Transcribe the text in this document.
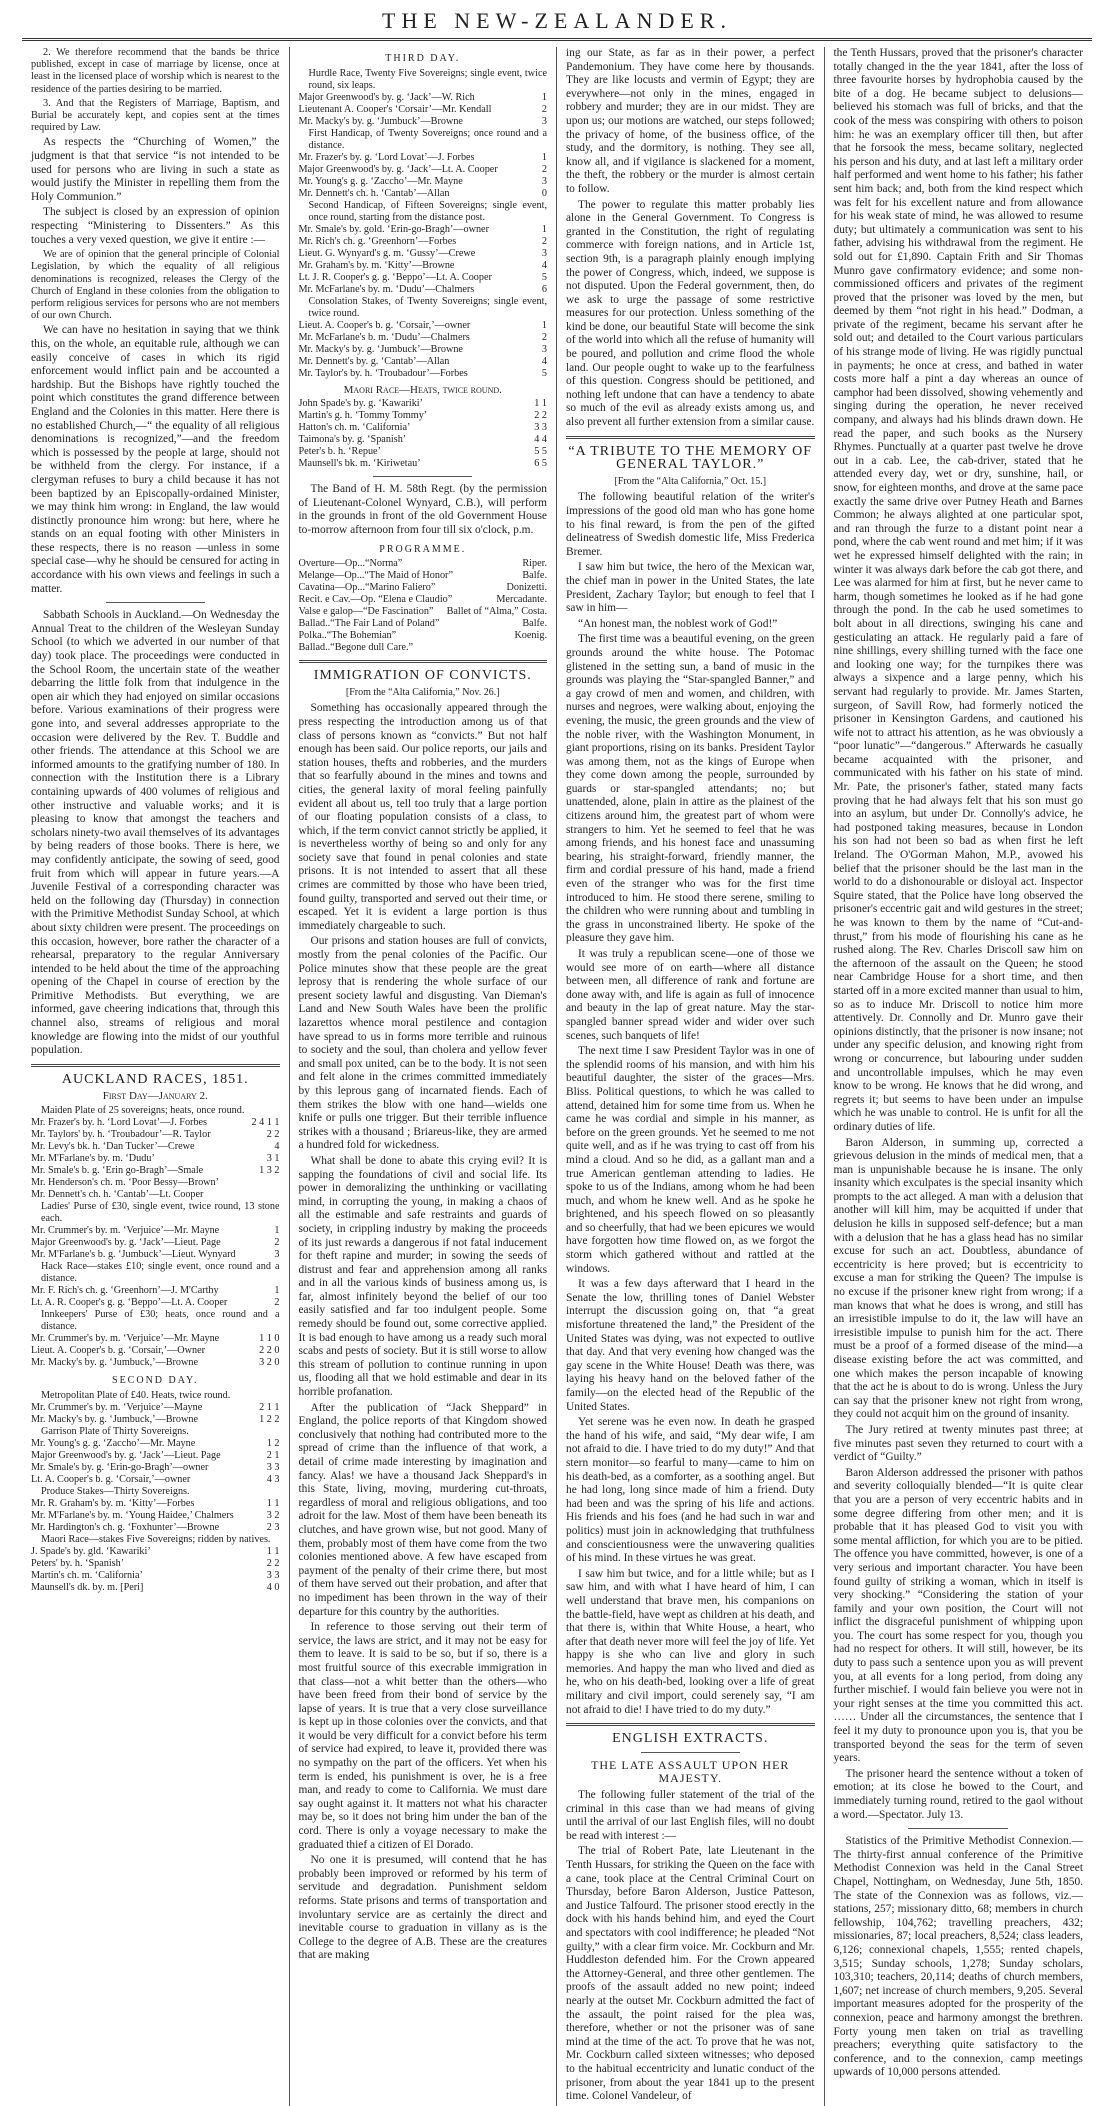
THE NEW-ZEALANDER.

2. We therefore recommend that the bands be thrice published, except in case of marriage by license, once at least in the licensed place of worship which is nearest to the residence of the parties desiring to be married.

3. And that the Registers of Marriage, Baptism, and Burial be accurately kept, and copies sent at the times required by Law.

As respects the “Churching of Women,” the judgment is that that service “is not intended to be used for persons who are living in such a state as would justify the Minister in repelling them from the Holy Communion.”

The subject is closed by an expression of opinion respecting “Ministering to Dissenters.” As this touches a very vexed question, we give it entire :—

We are of opinion that the general principle of Colonial Legislation, by which the equality of all religious denominations is recognized, releases the Clergy of the Church of England in these colonies from the obligation to perform religious services for persons who are not members of our own Church.

We can have no hesitation in saying that we think this, on the whole, an equitable rule, although we can easily conceive of cases in which its rigid enforcement would inflict pain and be accounted a hardship. But the Bishops have rightly touched the point which constitutes the grand difference between England and the Colonies in this matter. Here there is no established Church,—“ the equality of all religious denominations is recognized,”—and the freedom which is possessed by the people at large, should not be withheld from the clergy. For instance, if a clergyman refuses to bury a child because it has not been baptized by an Episcopally-ordained Minister, we may think him wrong: in England, the law would distinctly pronounce him wrong: but here, where he stands on an equal footing with other Ministers in these respects, there is no reason —unless in some special case—why he should be censured for acting in accordance with his own views and feelings in such a matter.

Sabbath Schools in Auckland.—On Wednesday the Annual Treat to the children of the Wesleyan Sunday School (to which we adverted in our number of that day) took place. The proceedings were conducted in the School Room, the uncertain state of the weather debarring the little folk from that indulgence in the open air which they had enjoyed on similar occasions before. Various examinations of their progress were gone into, and several addresses appropriate to the occasion were delivered by the Rev. T. Buddle and other friends. The attendance at this School we are informed amounts to the gratifying number of 180. In connection with the Institution there is a Library containing upwards of 400 volumes of religious and other instructive and valuable works; and it is pleasing to know that amongst the teachers and scholars ninety-two avail themselves of its advantages by being readers of those books. There is here, we may confidently anticipate, the sowing of seed, good fruit from which will appear in future years.—A Juvenile Festival of a corresponding character was held on the following day (Thursday) in connection with the Primitive Methodist Sunday School, at which about sixty children were present. The proceedings on this occasion, however, bore rather the character of a rehearsal, preparatory to the regular Anniversary intended to be held about the time of the approaching opening of the Chapel in course of erection by the Primitive Methodists. But everything, we are informed, gave cheering indications that, through this channel also, streams of religious and moral knowledge are flowing into the midst of our youthful population.

AUCKLAND RACES, 1851.
First Day—January 2.
Maiden Plate of 25 sovereigns; heats, once round.
Mr. Frazer's by. h. ‘Lord Lovat’—J. Forbes	2 4 1 1
Mr. Taylors' by. h. ‘Troubadour’—R. Taylor	2 2
Mr. Levy's bk. h. ‘Dan Tucker’—Crewe	4
Mr. M'Farlane's by. m. ‘Dudu’	3 1
Mr. Smale's b. g. ‘Erin go-Bragh’—Smale	1 3 2
Mr. Henderson's ch. m. ‘Poor Bessy—Brown’
Mr. Dennett's ch. h. ‘Cantab’—Lt. Cooper
Ladies' Purse of £30, single event, twice round, 13 stone each.
Mr. Crummer's by. m. ‘Verjuice’—Mr. Mayne	1
Major Greenwood's by. g. ‘Jack’—Lieut. Page	2
Mr. M'Farlane's b. g. ‘Jumbuck’—Lieut. Wynyard	3
Hack Race—stakes £10; single event, once round and a distance.
Mr. F. Rich's ch. g. ‘Greenhorn’—J. M'Carthy	1
Lt. A. R. Cooper's g. g. ‘Beppo’—Lt. A. Cooper	2
Innkeepers' Purse of £30; heats, once round and a distance.
Mr. Crummer's by. m. ‘Verjuice’—Mr. Mayne	1 1 0
Lieut. A. Cooper's b. g. ‘Corsair,’—Owner	2 2 0
Mr. Macky's by. g. ‘Jumbuck,’—Browne	3 2 0
SECOND DAY.
Metropolitan Plate of £40. Heats, twice round.
Mr. Crummer's by. m. ‘Verjuice’—Mayne	2 1 1
Mr. Macky's by. g. ‘Jumbuck,’—Browne	1 2 2
Garrison Plate of Thirty Sovereigns.
Mr. Young's g. g. ‘Zaccho’—Mr. Mayne	1 2
Major Greenwood's by. g. ‘Jack’—Lieut. Page	2 1
Mr. Smale's by. g. ‘Erin-go-Bragh’—owner	3 3
Lt. A. Cooper's b. g. ‘Corsair,’—owner	4 3
Produce Stakes—Thirty Sovereigns.
Mr. R. Graham's by. m. ‘Kitty’—Forbes	1 1
Mr. M'Farlane's by. m. ‘Young Haidee,’ Chalmers	3 2
Mr. Hardington's ch. g. ‘Foxhunter’—Browne	2 3
Maori Race—stakes Five Sovereigns; ridden by natives.
J. Spade's by. gld. ‘Kawariki’	1 1
Peters' by. h. ‘Spanish’	2 2
Martin's ch. m. ‘California’	3 3
Maunsell's dk. by. m. [Peri]	4 0
THIRD DAY.
Hurdle Race, Twenty Five Sovereigns; single event, twice round, six leaps.
Major Greenwood's by. g. ‘Jack’—W. Rich	1
Lieutenant A. Cooper's ‘Corsair’—Mr. Kendall	2
Mr. Macky's by. g. ‘Jumbuck’—Browne	3
First Handicap, of Twenty Sovereigns; once round and a distance.
Mr. Frazer's by. g. ‘Lord Lovat’—J. Forbes	1
Major Greenwood's by. g. ‘Jack’—Lt. A. Cooper	2
Mr. Young's g. g. ‘Zaccho’—Mr. Mayne	3
Mr. Dennett's ch. h. ‘Cantab’—Allan	0
Second Handicap, of Fifteen Sovereigns; single event, once round, starting from the distance post.
Mr. Smale's by. gold. ‘Erin-go-Bragh’—owner	1
Mr. Rich's ch. g. ‘Greenhorn’—Forbes	2
Lieut. G. Wynyard's g. m. ‘Gussy’—Crewe	3
Mr. Graham's by. m. ‘Kitty’—Browne	4
Lt. J. R. Cooper's g. g. ‘Beppo’—Lt. A. Cooper	5
Mr. McFarlane's by. m. ‘Dudu’—Chalmers	6
Consolation Stakes, of Twenty Sovereigns; single event, twice round.
Lieut. A. Cooper's b. g. ‘Corsair,’—owner	1
Mr. McFarlane's b. m. ‘Dudu’—Chalmers	2
Mr. Macky's by. g. ‘Jumbuck’—Browne	3
Mr. Dennett's by. g. ‘Cantab’—Allan	4
Mr. Taylor's by. h. ‘Troubadour’—Forbes	5
Maori Race—Heats, twice round.
John Spade's by. g. ‘Kawariki’	1 1
Martin's g. h. ‘Tommy Tommy’	2 2
Hatton's ch. m. ‘California’	3 3
Taimona's by. g. ‘Spanish’	4 4
Peter's b. h. ‘Repue’	5 5
Maunsell's bk. m. ‘Kiriwetau’	6 5

The Band of H. M. 58th Regt. (by the permission of Lieutenant-Colonel Wynyard, C.B.), will perform in the grounds in front of the old Government House to-morrow afternoon from four till six o'clock, p.m.

PROGRAMME.
Overture—Op...“Norma”	Riper.
Melange—Op...“The Maid of Honor”	Balfe.
Cavatina—Op...“Marino Faliero”	Donizetti.
Recit. e Cav.—Op. “Elena e Claudio”	Mercadante.
Valse e galop—“De Fascination” Ballet of “Alma,” Costa.
Ballad..“The Fair Land of Poland”	Balfe.
Polka..“The Bohemian”	Koenig.
Ballad..“Begone dull Care.”
IMMIGRATION OF CONVICTS.
[From the “Alta California,” Nov. 26.]

Something has occasionally appeared through the press respecting the introduction among us of that class of persons known as “convicts.” But not half enough has been said. Our police reports, our jails and station houses, thefts and robberies, and the murders that so fearfully abound in the mines and towns and cities, the general laxity of moral feeling painfully evident all about us, tell too truly that a large portion of our floating population consists of a class, to which, if the term convict cannot strictly be applied, it is nevertheless worthy of being so and only for any society save that found in penal colonies and state prisons. It is not intended to assert that all these crimes are committed by those who have been tried, found guilty, transported and served out their time, or escaped. Yet it is evident a large portion is thus immediately chargeable to such.

Our prisons and station houses are full of convicts, mostly from the penal colonies of the Pacific. Our Police minutes show that these people are the great leprosy that is rendering the whole surface of our present society lawful and disgusting. Van Dieman's Land and New South Wales have been the prolific lazarettos whence moral pestilence and contagion have spread to us in forms more terrible and ruinous to society and the soul, than cholera and yellow fever and small pox united, can be to the body. It is not seen and felt alone in the crimes committed immediately by this leprous gang of incarnated fiends. Each of them strikes the blow with one hand—wields one knife or pulls one trigger. But their terrible influence strikes with a thousand ; Briareus-like, they are armed a hundred fold for wickedness.

What shall be done to abate this crying evil? It is sapping the foundations of civil and social life. Its power in demoralizing the unthinking or vacillating mind, in corrupting the young, in making a chaos of all the estimable and safe restraints and guards of society, in crippling industry by making the proceeds of its just rewards a dangerous if not fatal inducement for theft rapine and murder; in sowing the seeds of distrust and fear and apprehension among all ranks and in all the various kinds of business among us, is far, almost infinitely beyond the belief of our too easily satisfied and far too indulgent people. Some remedy should be found out, some corrective applied. It is bad enough to have among us a ready such moral scabs and pests of society. But it is still worse to allow this stream of pollution to continue running in upon us, flooding all that we hold estimable and dear in its horrible profanation.

After the publication of “Jack Sheppard” in England, the police reports of that Kingdom showed conclusively that nothing had contributed more to the spread of crime than the influence of that work, a detail of crime made interesting by imagination and fancy. Alas! we have a thousand Jack Sheppard's in this State, living, moving, murdering cut-throats, regardless of moral and religious obligations, and too adroit for the law. Most of them have been beneath its clutches, and have grown wise, but not good. Many of them, probably most of them have come from the two colonies mentioned above. A few have escaped from payment of the penalty of their crime there, but most of them have served out their probation, and after that no impediment has been thrown in the way of their departure for this country by the authorities.

In reference to those serving out their term of service, the laws are strict, and it may not be easy for them to leave. It is said to be so, but if so, there is a most fruitful source of this execrable immigration in that class—not a whit better than the others—who have been freed from their bond of service by the lapse of years. It is true that a very close surveillance is kept up in those colonies over the convicts, and that it would be very difficult for a convict before his term of service had expired, to leave it, provided there was no sympathy on the part of the officers. Yet when his term is ended, his punishment is over, he is a free man, and ready to come to California. We must dare say ought against it. It matters not what his character may be, so it does not bring him under the ban of the cord. There is only a voyage necessary to make the graduated thief a citizen of El Dorado.

No one it is presumed, will contend that he has probably been improved or reformed by his term of servitude and degradation. Punishment seldom reforms. State prisons and terms of transportation and involuntary service are as certainly the direct and inevitable course to graduation in villany as is the College to the degree of A.B. These are the creatures that are making

ing our State, as far as in their power, a perfect Pandemonium. They have come here by thousands. They are like locusts and vermin of Egypt; they are everywhere—not only in the mines, engaged in robbery and murder; they are in our midst. They are upon us; our motions are watched, our steps followed; the privacy of home, of the business office, of the study, and the dormitory, is nothing. They see all, know all, and if vigilance is slackened for a moment, the theft, the robbery or the murder is almost certain to follow.

The power to regulate this matter probably lies alone in the General Government. To Congress is granted in the Constitution, the right of regulating commerce with foreign nations, and in Article 1st, section 9th, is a paragraph plainly enough implying the power of Congress, which, indeed, we suppose is not disputed. Upon the Federal government, then, do we ask to urge the passage of some restrictive measures for our protection. Unless something of the kind be done, our beautiful State will become the sink of the world into which all the refuse of humanity will be poured, and pollution and crime flood the whole land. Our people ought to wake up to the fearfulness of this question. Congress should be petitioned, and nothing left undone that can have a tendency to abate so much of the evil as already exists among us, and also prevent all further extension from a similar cause.

“A TRIBUTE TO THE MEMORY OF GENERAL TAYLOR.”
[From the “Alta California,” Oct. 15.]

The following beautiful relation of the writer's impressions of the good old man who has gone home to his final reward, is from the pen of the gifted delineatress of Swedish domestic life, Miss Frederica Bremer.

I saw him but twice, the hero of the Mexican war, the chief man in power in the United States, the late President, Zachary Taylor; but enough to feel that I saw in him—

“An honest man, the noblest work of God!”

The first time was a beautiful evening, on the green grounds around the white house. The Potomac glistened in the setting sun, a band of music in the grounds was playing the “Star-spangled Banner,” and a gay crowd of men and women, and children, with nurses and negroes, were walking about, enjoying the evening, the music, the green grounds and the view of the noble river, with the Washington Monument, in giant proportions, rising on its banks. President Taylor was among them, not as the kings of Europe when they come down among the people, surrounded by guards or star-spangled attendants; no; but unattended, alone, plain in attire as the plainest of the citizens around him, the greatest part of whom were strangers to him. Yet he seemed to feel that he was among friends, and his honest face and unassuming bearing, his straight-forward, friendly manner, the firm and cordial pressure of his hand, made a friend even of the stranger who was for the first time introduced to him. He stood there serene, smiling to the children who were running about and tumbling in the grass in unconstrained liberty. He spoke of the pleasure they gave him.

It was truly a republican scene—one of those we would see more of on earth—where all distance between men, all difference of rank and fortune are done away with, and life is again as full of innocence and beauty in the lap of great nature. May the star-spangled banner spread wider and wider over such scenes, such banquets of life!

The next time I saw President Taylor was in one of the splendid rooms of his mansion, and with him his beautiful daughter, the sister of the graces—Mrs. Bliss. Political questions, to which he was called to attend, detained him for some time from us. When he came he was cordial and simple in his manner, as before on the green grounds. Yet he seemed to me not quite well, and as if he was trying to cast off from his mind a cloud. And so he did, as a gallant man and a true American gentleman attending to ladies. He spoke to us of the Indians, among whom he had been much, and whom he knew well. And as he spoke he brightened, and his speech flowed on so pleasantly and so cheerfully, that had we been epicures we would have forgotten how time flowed on, as we forgot the storm which gathered without and rattled at the windows.

It was a few days afterward that I heard in the Senate the low, thrilling tones of Daniel Webster interrupt the discussion going on, that “a great misfortune threatened the land,” the President of the United States was dying, was not expected to outlive that day. And that very evening how changed was the gay scene in the White House! Death was there, was laying his heavy hand on the beloved father of the family—on the elected head of the Republic of the United States.

Yet serene was he even now. In death he grasped the hand of his wife, and said, “My dear wife, I am not afraid to die. I have tried to do my duty!” And that stern monitor—so fearful to many—came to him on his death-bed, as a comforter, as a soothing angel. But he had long, long since made of him a friend. Duty had been and was the spring of his life and actions. His friends and his foes (and he had such in war and politics) must join in acknowledging that truthfulness and conscientiousness were the unwavering qualities of his mind. In these virtues he was great.

I saw him but twice, and for a little while; but as I saw him, and with what I have heard of him, I can well understand that brave men, his companions on the battle-field, have wept as children at his death, and that there is, within that White House, a heart, who after that death never more will feel the joy of life. Yet happy is she who can live and glory in such memories. And happy the man who lived and died as he, who on his death-bed, looking over a life of great military and civil import, could serenely say, “I am not afraid to die! I have tried to do my duty.”

ENGLISH EXTRACTS.
THE LATE ASSAULT UPON HER MAJESTY.

The following fuller statement of the trial of the criminal in this case than we had means of giving until the arrival of our last English files, will no doubt be read with interest :—

The trial of Robert Pate, late Lieutenant in the Tenth Hussars, for striking the Queen on the face with a cane, took place at the Central Criminal Court on Thursday, before Baron Alderson, Justice Patteson, and Justice Talfourd. The prisoner stood erectly in the dock with his hands behind him, and eyed the Court and spectators with cool indifference; he pleaded “Not guilty,” with a clear firm voice. Mr. Cockburn and Mr. Huddleston defended him. For the Crown appeared the Attorney-General, and three other gentlemen. The proofs of the assault added no new point; indeed nearly at the outset Mr. Cockburn admitted the fact of the assault, the point raised for the plea was, therefore, whether or not the prisoner was of sane mind at the time of the act. To prove that he was not, Mr. Cockburn called sixteen witnesses; who deposed to the habitual eccentricity and lunatic conduct of the prisoner, from about the year 1841 up to the present time. Colonel Vandeleur, of

the Tenth Hussars, proved that the prisoner's character totally changed in the the year 1841, after the loss of three favourite horses by hydrophobia caused by the bite of a dog. He became subject to delusions—believed his stomach was full of bricks, and that the cook of the mess was conspiring with others to poison him: he was an exemplary officer till then, but after that he forsook the mess, became solitary, neglected his person and his duty, and at last left a military order half performed and went home to his father; his father sent him back; and, both from the kind respect which was felt for his excellent nature and from allowance for his weak state of mind, he was allowed to resume duty; but ultimately a communication was sent to his father, advising his withdrawal from the regiment. He sold out for £1,890. Captain Frith and Sir Thomas Munro gave confirmatory evidence; and some non-commissioned officers and privates of the regiment proved that the prisoner was loved by the men, but deemed by them “not right in his head.” Dodman, a private of the regiment, became his servant after he sold out; and detailed to the Court various particulars of his strange mode of living. He was rigidly punctual in payments; he once at cress, and bathed in water costs more half a pint a day whereas an ounce of camphor had been dissolved, showing vehemently and singing during the operation, he never received company, and always had his blinds drawn down. He read the paper, and such books as the Nursery Rhymes. Punctually at a quarter past twelve he drove out in a cab. Lee, the cab-driver, stated that he attended every day, wet or dry, sunshine, hail, or snow, for eighteen months, and drove at the same pace exactly the same drive over Putney Heath and Barnes Common; he always alighted at one particular spot, and ran through the furze to a distant point near a pond, where the cab went round and met him; if it was wet he expressed himself delighted with the rain; in winter it was always dark before the cab got there, and Lee was alarmed for him at first, but he never came to harm, though sometimes he looked as if he had gone through the pond. In the cab he used sometimes to bolt about in all directions, swinging his cane and gesticulating an attack. He regularly paid a fare of nine shillings, every shilling turned with the face one and looking one way; for the turnpikes there was always a sixpence and a large penny, which his servant had regularly to provide. Mr. James Starten, surgeon, of Savill Row, had formerly noticed the prisoner in Kensington Gardens, and cautioned his wife not to attract his attention, as he was obviously a “poor lunatic”—“dangerous.” Afterwards he casually became acquainted with the prisoner, and communicated with his father on his state of mind. Mr. Pate, the prisoner's father, stated many facts proving that he had always felt that his son must go into an asylum, but under Dr. Connolly's advice, he had postponed taking measures, because in London his son had not been so bad as when first he left Ireland. The O'Gorman Mahon, M.P., avowed his belief that the prisoner should be the last man in the world to do a dishonourable or disloyal act. Inspector Squire stated, that the Police have long observed the prisoner's eccentric gait and wild gestures in the street; he was known to them by the name of “Cut-and-thrust,” from his mode of flourishing his cane as he rushed along. The Rev. Charles Driscoll saw him on the afternoon of the assault on the Queen; he stood near Cambridge House for a short time, and then started off in a more excited manner than usual to him, so as to induce Mr. Driscoll to notice him more attentively. Dr. Connolly and Dr. Munro gave their opinions distinctly, that the prisoner is now insane; not under any specific delusion, and knowing right from wrong or concurrence, but labouring under sudden and uncontrollable impulses, which he may even know to be wrong. He knows that he did wrong, and regrets it; but seems to have been under an impulse which he was unable to control. He is unfit for all the ordinary duties of life.

Baron Alderson, in summing up, corrected a grievous delusion in the minds of medical men, that a man is unpunishable because he is insane. The only insanity which exculpates is the special insanity which prompts to the act alleged. A man with a delusion that another will kill him, may be acquitted if under that delusion he kills in supposed self-defence; but a man with a delusion that he has a glass head has no similar excuse for such an act. Doubtless, abundance of eccentricity is here proved; but is eccentricity to excuse a man for striking the Queen? The impulse is no excuse if the prisoner knew right from wrong; if a man knows that what he does is wrong, and still has an irresistible impulse to do it, the law will have an irresistible impulse to punish him for the act. There must be a proof of a formed disease of the mind—a disease existing before the act was committed, and one which makes the person incapable of knowing that the act he is about to do is wrong. Unless the Jury can say that the prisoner knew not right from wrong, they could not acquit him on the ground of insanity.

The Jury retired at twenty minutes past three; at five minutes past seven they returned to court with a verdict of “Guilty.”

Baron Alderson addressed the prisoner with pathos and severity colloquially blended—“It is quite clear that you are a person of very eccentric habits and in some degree differing from other men; and it is probable that it has pleased God to visit you with some mental affliction, for which you are to be pitied. The offence you have committed, however, is one of a very serious and important character. You have been found guilty of striking a woman, which in itself is very shocking.” “Considering the station of your family and your own position, the Court will not inflict the disgraceful punishment of whipping upon you. The court has some respect for you, though you had no respect for others. It will still, however, be its duty to pass such a sentence upon you as will prevent you, at all events for a long period, from doing any further mischief. I would fain believe you were not in your right senses at the time you committed this act. …… Under all the circumstances, the sentence that I feel it my duty to pronounce upon you is, that you be transported beyond the seas for the term of seven years.

The prisoner heard the sentence without a token of emotion; at its close he bowed to the Court, and immediately turning round, retired to the gaol without a word.—Spectator. July 13.

Statistics of the Primitive Methodist Connexion.—The thirty-first annual conference of the Primitive Methodist Connexion was held in the Canal Street Chapel, Nottingham, on Wednesday, June 5th, 1850. The state of the Connexion was as follows, viz.—stations, 257; missionary ditto, 68; members in church fellowship, 104,762; travelling preachers, 432; missionaries, 87; local preachers, 8,524; class leaders, 6,126; connexional chapels, 1,555; rented chapels, 3,515; Sunday schools, 1,278; Sunday scholars, 103,310; teachers, 20,114; deaths of church members, 1,607; net increase of church members, 9,205. Several important measures adopted for the prosperity of the connexion, peace and harmony amongst the brethren. Forty young men taken on trial as travelling preachers; everything quite satisfactory to the conference, and to the connexion, camp meetings upwards of 10,000 persons attended.
